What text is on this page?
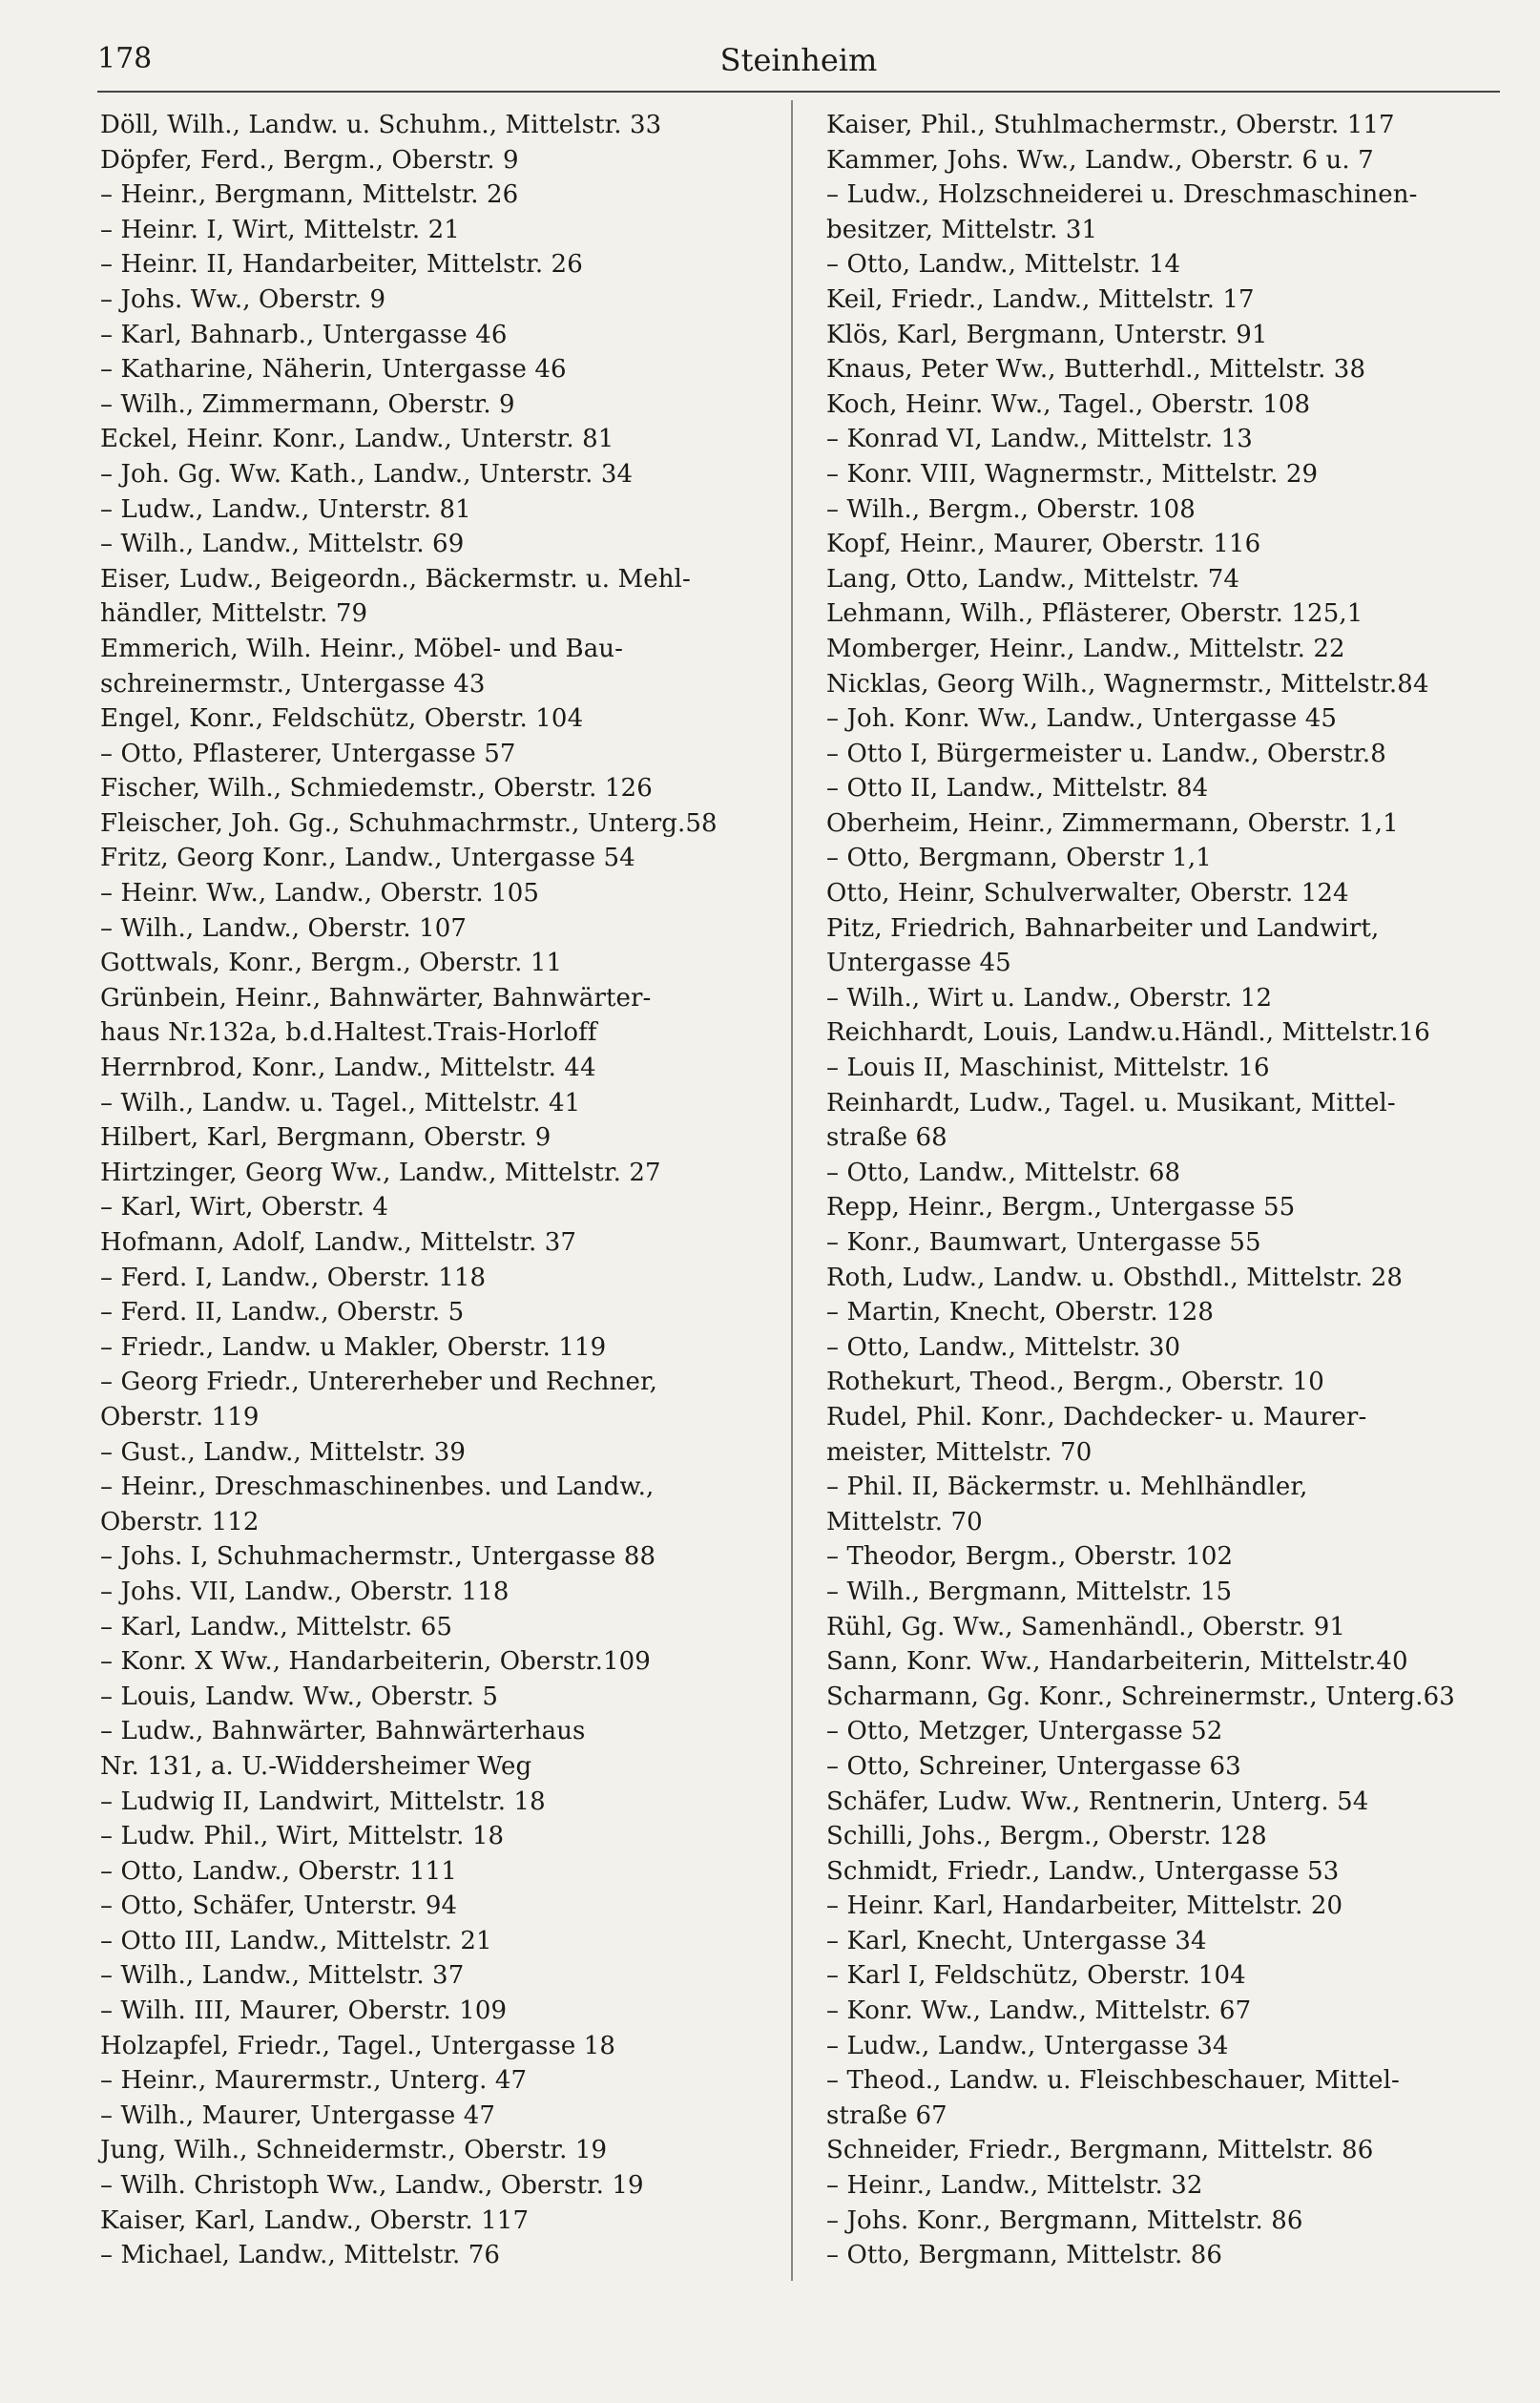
178	Steinheim
Döll, Wilh., Landw. u. Schuhm., Mittelstr. 33
Döpfer, Ferd., Bergm., Oberstr. 9
– Heinr., Bergmann, Mittelstr. 26
– Heinr. I, Wirt, Mittelstr. 21
– Heinr. II, Handarbeiter, Mittelstr. 26
– Johs. Ww., Oberstr. 9
– Karl, Bahnarb., Untergasse 46
– Katharine, Näherin, Untergasse 46
– Wilh., Zimmermann, Oberstr. 9
Eckel, Heinr. Konr., Landw., Unterstr. 81
– Joh. Gg. Ww. Kath., Landw., Unterstr. 34
– Ludw., Landw., Unterstr. 81
– Wilh., Landw., Mittelstr. 69
Eiser, Ludw., Beigeordn., Bäckermstr. u. Mehl-
händler, Mittelstr. 79
Emmerich, Wilh. Heinr., Möbel- und Bau-
schreinermstr., Untergasse 43
Engel, Konr., Feldschütz, Oberstr. 104
– Otto, Pflasterer, Untergasse 57
Fischer, Wilh., Schmiedemstr., Oberstr. 126
Fleischer, Joh. Gg., Schuhmachrmstr., Unterg.58
Fritz, Georg Konr., Landw., Untergasse 54
– Heinr. Ww., Landw., Oberstr. 105
– Wilh., Landw., Oberstr. 107
Gottwals, Konr., Bergm., Oberstr. 11
Grünbein, Heinr., Bahnwärter, Bahnwärter-
haus Nr.132a, b.d.Haltest.Trais-Horloff
Herrnbrod, Konr., Landw., Mittelstr. 44
– Wilh., Landw. u. Tagel., Mittelstr. 41
Hilbert, Karl, Bergmann, Oberstr. 9
Hirtzinger, Georg Ww., Landw., Mittelstr. 27
– Karl, Wirt, Oberstr. 4
Hofmann, Adolf, Landw., Mittelstr. 37
– Ferd. I, Landw., Oberstr. 118
– Ferd. II, Landw., Oberstr. 5
– Friedr., Landw. u Makler, Oberstr. 119
– Georg Friedr., Untererheber und Rechner,
Oberstr. 119
– Gust., Landw., Mittelstr. 39
– Heinr., Dreschmaschinenbes. und Landw.,
Oberstr. 112
– Johs. I, Schuhmachermstr., Untergasse 88
– Johs. VII, Landw., Oberstr. 118
– Karl, Landw., Mittelstr. 65
– Konr. X Ww., Handarbeiterin, Oberstr.109
– Louis, Landw. Ww., Oberstr. 5
– Ludw., Bahnwärter, Bahnwärterhaus
Nr. 131, a. U.-Widdersheimer Weg
– Ludwig II, Landwirt, Mittelstr. 18
– Ludw. Phil., Wirt, Mittelstr. 18
– Otto, Landw., Oberstr. 111
– Otto, Schäfer, Unterstr. 94
– Otto III, Landw., Mittelstr. 21
– Wilh., Landw., Mittelstr. 37
– Wilh. III, Maurer, Oberstr. 109
Holzapfel, Friedr., Tagel., Untergasse 18
– Heinr., Maurermstr., Unterg. 47
– Wilh., Maurer, Untergasse 47
Jung, Wilh., Schneidermstr., Oberstr. 19
– Wilh. Christoph Ww., Landw., Oberstr. 19
Kaiser, Karl, Landw., Oberstr. 117
– Michael, Landw., Mittelstr. 76
Kaiser, Phil., Stuhlmachermstr., Oberstr. 117
Kammer, Johs. Ww., Landw., Oberstr. 6 u. 7
– Ludw., Holzschneiderei u. Dreschmaschinen-
besitzer, Mittelstr. 31
– Otto, Landw., Mittelstr. 14
Keil, Friedr., Landw., Mittelstr. 17
Klös, Karl, Bergmann, Unterstr. 91
Knaus, Peter Ww., Butterhdl., Mittelstr. 38
Koch, Heinr. Ww., Tagel., Oberstr. 108
– Konrad VI, Landw., Mittelstr. 13
– Konr. VIII, Wagnermstr., Mittelstr. 29
– Wilh., Bergm., Oberstr. 108
Kopf, Heinr., Maurer, Oberstr. 116
Lang, Otto, Landw., Mittelstr. 74
Lehmann, Wilh., Pflästerer, Oberstr. 125,1
Momberger, Heinr., Landw., Mittelstr. 22
Nicklas, Georg Wilh., Wagnermstr., Mittelstr.84
– Joh. Konr. Ww., Landw., Untergasse 45
– Otto I, Bürgermeister u. Landw., Oberstr.8
– Otto II, Landw., Mittelstr. 84
Oberheim, Heinr., Zimmermann, Oberstr. 1,1
– Otto, Bergmann, Oberstr 1,1
Otto, Heinr, Schulverwalter, Oberstr. 124
Pitz, Friedrich, Bahnarbeiter und Landwirt,
Untergasse 45
– Wilh., Wirt u. Landw., Oberstr. 12
Reichhardt, Louis, Landw.u.Händl., Mittelstr.16
– Louis II, Maschinist, Mittelstr. 16
Reinhardt, Ludw., Tagel. u. Musikant, Mittel-
straße 68
– Otto, Landw., Mittelstr. 68
Repp, Heinr., Bergm., Untergasse 55
– Konr., Baumwart, Untergasse 55
Roth, Ludw., Landw. u. Obsthdl., Mittelstr. 28
– Martin, Knecht, Oberstr. 128
– Otto, Landw., Mittelstr. 30
Rothekurt, Theod., Bergm., Oberstr. 10
Rudel, Phil. Konr., Dachdecker- u. Maurer-
meister, Mittelstr. 70
– Phil. II, Bäckermstr. u. Mehlhändler,
Mittelstr. 70
– Theodor, Bergm., Oberstr. 102
– Wilh., Bergmann, Mittelstr. 15
Rühl, Gg. Ww., Samenhändl., Oberstr. 91
Sann, Konr. Ww., Handarbeiterin, Mittelstr.40
Scharmann, Gg. Konr., Schreinermstr., Unterg.63
– Otto, Metzger, Untergasse 52
– Otto, Schreiner, Untergasse 63
Schäfer, Ludw. Ww., Rentnerin, Unterg. 54
Schilli, Johs., Bergm., Oberstr. 128
Schmidt, Friedr., Landw., Untergasse 53
– Heinr. Karl, Handarbeiter, Mittelstr. 20
– Karl, Knecht, Untergasse 34
– Karl I, Feldschütz, Oberstr. 104
– Konr. Ww., Landw., Mittelstr. 67
– Ludw., Landw., Untergasse 34
– Theod., Landw. u. Fleischbeschauer, Mittel-
straße 67
Schneider, Friedr., Bergmann, Mittelstr. 86
– Heinr., Landw., Mittelstr. 32
– Johs. Konr., Bergmann, Mittelstr. 86
– Otto, Bergmann, Mittelstr. 86
